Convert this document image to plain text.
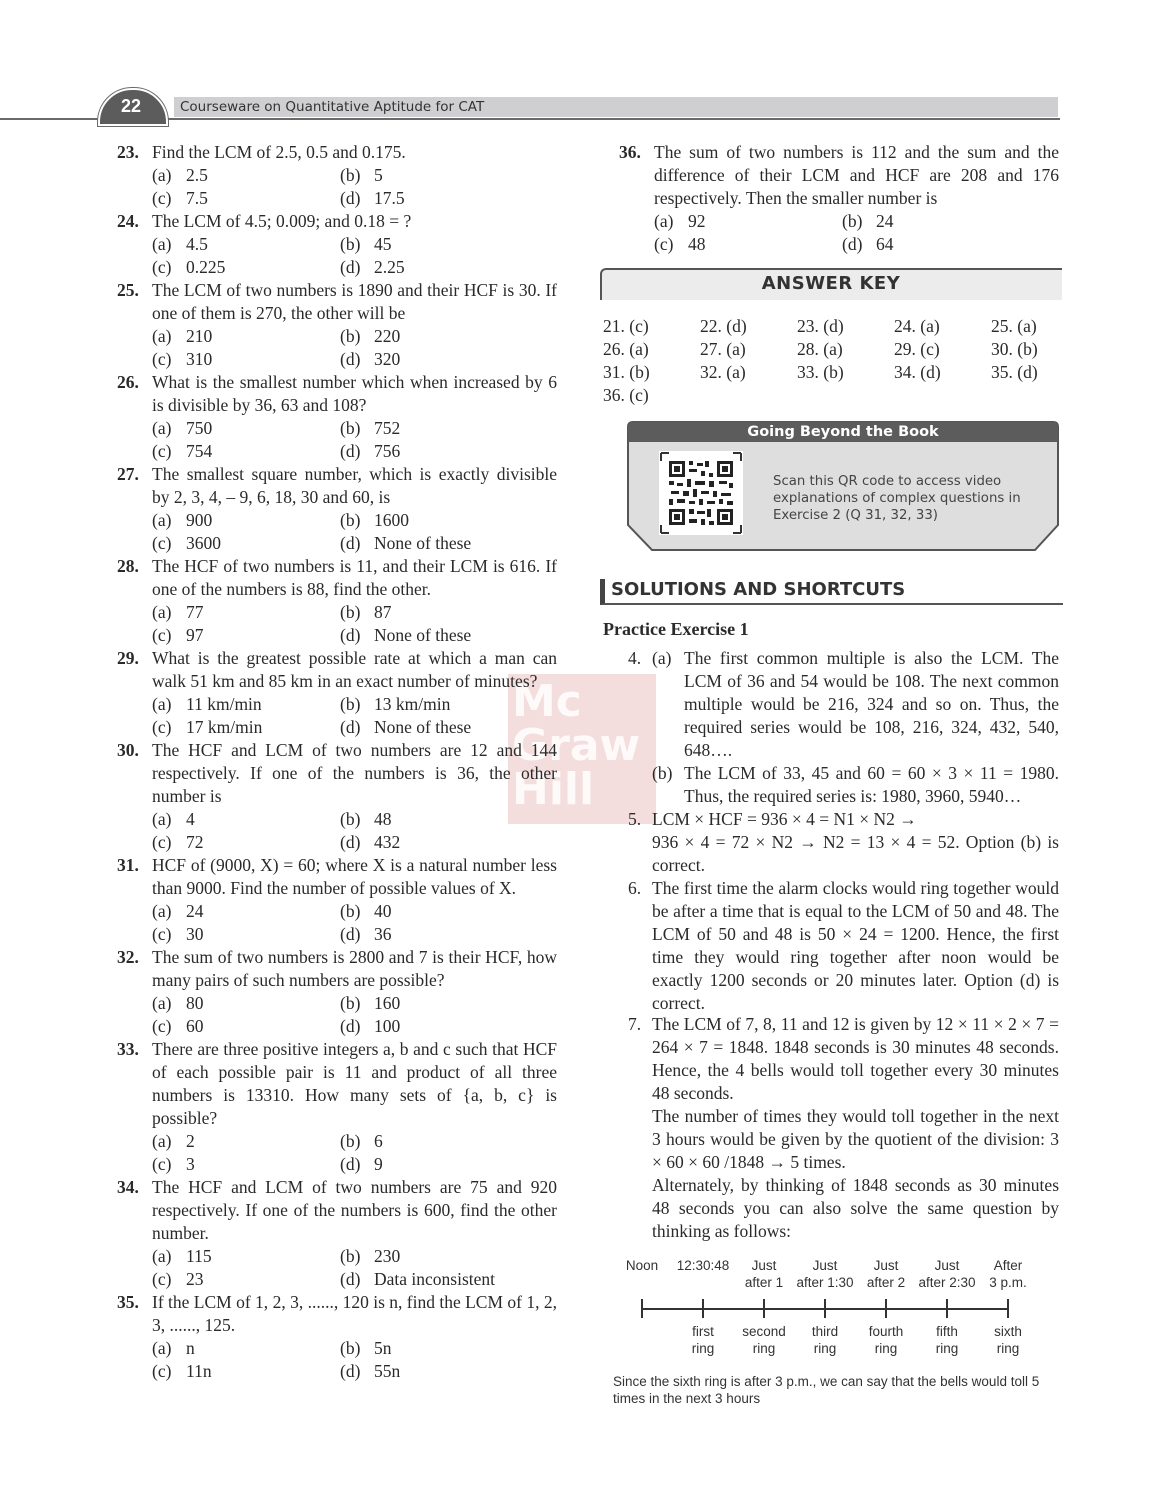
22	Courseware on Quantitative Aptitude for CAT
Mc
Graw
Hill
23. Find the LCM of 2.5, 0.5 and 0.175.
(a) 2.5	(b) 5
(c) 7.5	(d) 17.5
24. The LCM of 4.5; 0.009; and 0.18 = ?
(a) 4.5	(b) 45
(c) 0.225	(d) 2.25
25. The LCM of two numbers is 1890 and their HCF is 30. If one of them is 270, the other will be
(a) 210	(b) 220
(c) 310	(d) 320
26. What is the smallest number which when increased by 6 is divisible by 36, 63 and 108?
(a) 750	(b) 752
(c) 754	(d) 756
27. The smallest square number, which is exactly divisible by 2, 3, 4, – 9, 6, 18, 30 and 60, is
(a) 900	(b) 1600
(c) 3600	(d) None of these
28. The HCF of two numbers is 11, and their LCM is 616. If one of the numbers is 88, find the other.
(a) 77	(b) 87
(c) 97	(d) None of these
29. What is the greatest possible rate at which a man can walk 51 km and 85 km in an exact number of minutes?
(a) 11 km/min	(b) 13 km/min
(c) 17 km/min	(d) None of these
30. The HCF and LCM of two numbers are 12 and 144 respectively. If one of the numbers is 36, the other number is
(a) 4	(b) 48
(c) 72	(d) 432
31. HCF of (9000, X) = 60; where X is a natural number less than 9000. Find the number of possible values of X.
(a) 24	(b) 40
(c) 30	(d) 36
32. The sum of two numbers is 2800 and 7 is their HCF, how many pairs of such numbers are possible?
(a) 80	(b) 160
(c) 60	(d) 100
33. There are three positive integers a, b and c such that HCF of each possible pair is 11 and product of all three numbers is 13310. How many sets of {a, b, c} is possible?
(a) 2	(b) 6
(c) 3	(d) 9
34. The HCF and LCM of two numbers are 75 and 920 respectively. If one of the numbers is 600, find the other number.
(a) 115	(b) 230
(c) 23	(d) Data inconsistent
35. If the LCM of 1, 2, 3, ......, 120 is n, find the LCM of 1, 2, 3, ......, 125.
(a) n	(b) 5n
(c) 11n	(d) 55n
36. The sum of two numbers is 112 and the sum and the difference of their LCM and HCF are 208 and 176 respectively. Then the smaller number is
(a) 92	(b) 24
(c) 48	(d) 64
ANSWER KEY
21. (c)	22. (d)	23. (d)	24. (a)	25. (a)
26. (a)	27. (a)	28. (a)	29. (c)	30. (b)
31. (b)	32. (a)	33. (b)	34. (d)	35. (d)
36. (c)
Going Beyond the Book
Scan this QR code to access video explanations of complex questions in Exercise 2 (Q 31, 32, 33)
SOLUTIONS AND SHORTCUTS
Practice Exercise 1
4. (a) The first common multiple is also the LCM. The LCM of 36 and 54 would be 108. The next common multiple would be 216, 324 and so on. Thus, the required series would be 108, 216, 324, 432, 540, 648….
(b) The LCM of 33, 45 and 60 = 60 × 3 × 11 = 1980. Thus, the required series is: 1980, 3960, 5940…
5. LCM × HCF = 936 × 4 = N1 × N2 →
936 × 4 = 72 × N2 → N2 = 13 × 4 = 52. Option (b) is correct.
6. The first time the alarm clocks would ring together would be after a time that is equal to the LCM of 50 and 48. The LCM of 50 and 48 is 50 × 24 = 1200. Hence, the first time they would ring together after noon would be exactly 1200 seconds or 20 minutes later. Option (d) is correct.
7. The LCM of 7, 8, 11 and 12 is given by 12 × 11 × 2 × 7 = 264 × 7 = 1848. 1848 seconds is 30 minutes 48 seconds. Hence, the 4 bells would toll together every 30 minutes 48 seconds.
The number of times they would toll together in the next 3 hours would be given by the quotient of the division: 3 × 60 × 60 /1848 → 5 times.
Alternately, by thinking of 1848 seconds as 30 minutes 48 seconds you can also solve the same question by thinking as follows:
Since the sixth ring is after 3 p.m., we can say that the bells would toll 5 times in the next 3 hours
Noon	12:30:48	Just
after 1
Just
after 1:30
Just
after 2
Just
after 2:30
After
3 p.m.
first
ring
second
ring
third
ring
fourth
ring
fifth
ring
sixth
ring
